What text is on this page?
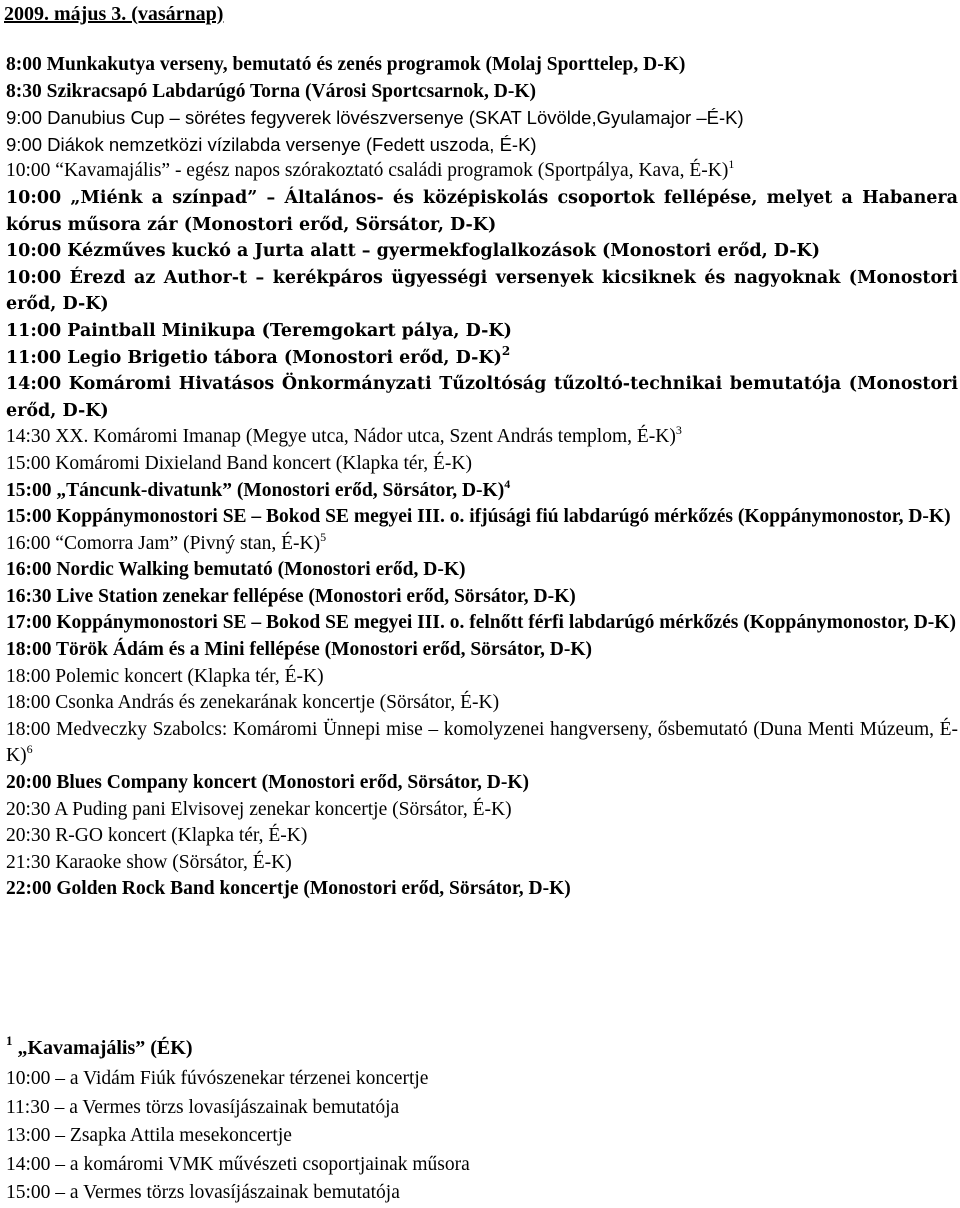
2009. május 3. (vasárnap)
8:00 Munkakutya verseny, bemutató és zenés programok (Molaj Sporttelep, D-K)
8:30 Szikracsapó Labdarúgó Torna (Városi Sportcsarnok, D-K)
9:00 Danubius Cup – sörétes fegyverek lövészversenye (SKAT Lövölde,Gyulamajor –É-K)
9:00 Diákok nemzetközi vízilabda versenye (Fedett uszoda, É-K)
10:00 “Kavamajális” - egész napos szórakoztató családi programok (Sportpálya, Kava, É-K)$^1$
10:00 „Miénk a színpad” – Általános- és középiskolás csoportok fellépése, melyet a Habanera kórus műsora zár (Monostori erőd, Sörsátor, D-K)
10:00 Kézműves kuckó a Jurta alatt – gyermekfoglalkozások (Monostori erőd, D-K)
10:00 Érezd az Author-t – kerékpáros ügyességi versenyek kicsiknek és nagyoknak (Monostori erőd, D-K)
11:00 Paintball Minikupa (Teremgokart pálya, D-K)
11:00 Legio Brigetio tábora (Monostori erőd, D-K)$^2$
14:00 Komáromi Hivatásos Önkormányzati Tűzoltóság tűzoltó-technikai bemutatója (Monostori erőd, D-K)
14:30 XX. Komáromi Imanap (Megye utca, Nádor utca, Szent András templom, É-K)$^3$
15:00 Komáromi Dixieland Band koncert (Klapka tér, É-K)
15:00 „Táncunk-divatunk” (Monostori erőd, Sörsátor, D-K)$^4$
15:00 Koppánymonostori SE – Bokod SE megyei III. o. ifjúsági fiú labdarúgó mérkőzés (Koppánymonostor, D-K)
16:00 “Comorra Jam” (Pivný stan, É-K)$^5$
16:00 Nordic Walking bemutató (Monostori erőd, D-K)
16:30 Live Station zenekar fellépése (Monostori erőd, Sörsátor, D-K)
17:00 Koppánymonostori SE – Bokod SE megyei III. o. felnőtt férfi labdarúgó mérkőzés (Koppánymonostor, D-K)
18:00 Török Ádám és a Mini fellépése (Monostori erőd, Sörsátor, D-K)
18:00 Polemic koncert (Klapka tér, É-K)
18:00 Csonka András és zenekarának koncertje (Sörsátor, É-K)
18:00 Medveczky Szabolcs: Komáromi Ünnepi mise – komolyzenei hangverseny, ősbemutató (Duna Menti Múzeum, É-K)$^6$
20:00 Blues Company koncert (Monostori erőd, Sörsátor, D-K)
20:30 A Puding pani Elvisovej zenekar koncertje (Sörsátor, É-K)
20:30 R-GO koncert (Klapka tér, É-K)
21:30 Karaoke show (Sörsátor, É-K)
22:00 Golden Rock Band koncertje (Monostori erőd, Sörsátor, D-K)
$^1$ „Kavamajális” (ÉK)
10:00 – a Vidám Fiúk fúvószenekar térzenei koncertje
11:30 – a Vermes törzs lovasíjászainak bemutatója
13:00 – Zsapka Attila mesekoncertje
14:00 – a komáromi VMK művészeti csoportjainak műsora
15:00 – a Vermes törzs lovasíjászainak bemutatója
